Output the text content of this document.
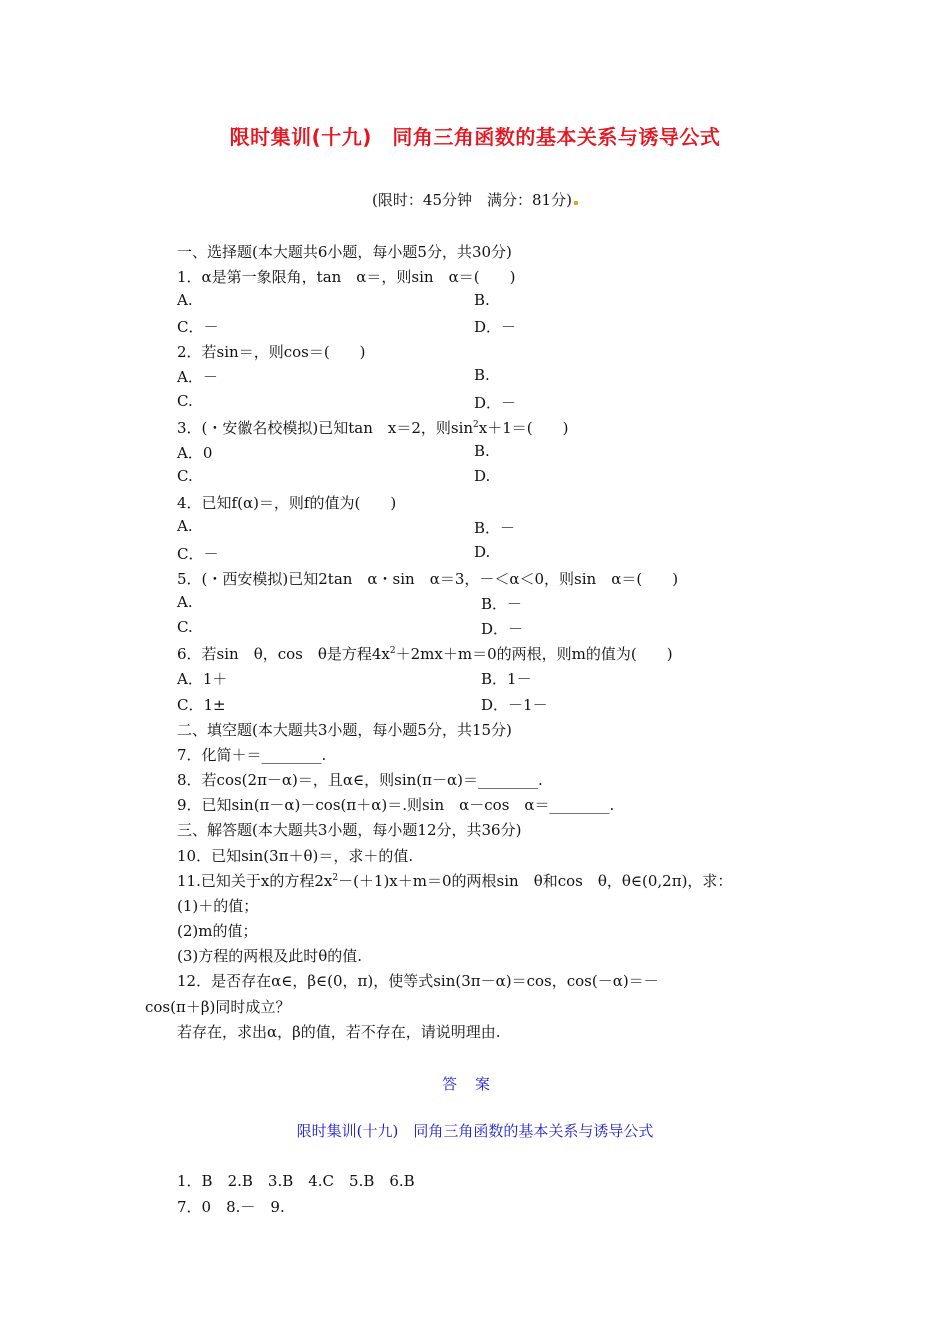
限时集训(十九)　同角三角函数的基本关系与诱导公式
(限时：45分钟　满分：81分)
一、选择题(本大题共6小题，每小题5分，共30分)
1．α是第一象限角，tan　α＝，则sin　α＝(　　)
A.	B.
C．－	D．－
2．若sin＝，则cos＝(　　)
A．－	B.
C.	D．－
3．(・安徽名校模拟)已知tan　x＝2，则$\sin^2x+1=$(　　)
A．0	B.
C.	D.
4．已知f(α)＝，则f的值为(　　)
A.	B．－
C．－	D.
5．(・西安模拟)已知2tan　α・sin　α＝3，－＜α＜0，则sin　α＝(　　)
A.	B．－
C.	D．－
6．若sin　θ，cos　θ是方程$4x^2+2mx+m=0$的两根，则m的值为(　　)
A．1＋	B．1－
C．1±	D．－1－
二、填空题(本大题共3小题，每小题5分，共15分)
7．化简＋＝________.
8．若cos(2π－α)＝，且α∈，则sin(π－α)＝________.
9．已知sin(π－α)－cos(π＋α)＝.则sin　α－cos　α＝________.
三、解答题(本大题共3小题，每小题12分，共36分)
10．已知sin(3π＋θ)＝，求＋的值.
11.已知关于x的方程$2x^2-(+1)x+m=0$的两根sin　θ和cos　θ，θ∈(0,2π)，求：
(1)＋的值；
(2)m的值；
(3)方程的两根及此时θ的值.
12．是否存在α∈，β∈(0，π)，使等式sin(3π－α)＝cos，cos(－α)＝－
cos(π＋β)同时成立？
若存在，求出α，β的值，若不存在，请说明理由.
答案
限时集训(十九)　同角三角函数的基本关系与诱导公式
1．B　2.B　3.B　4.C　5.B　6.B
7．0　8.－　9.
